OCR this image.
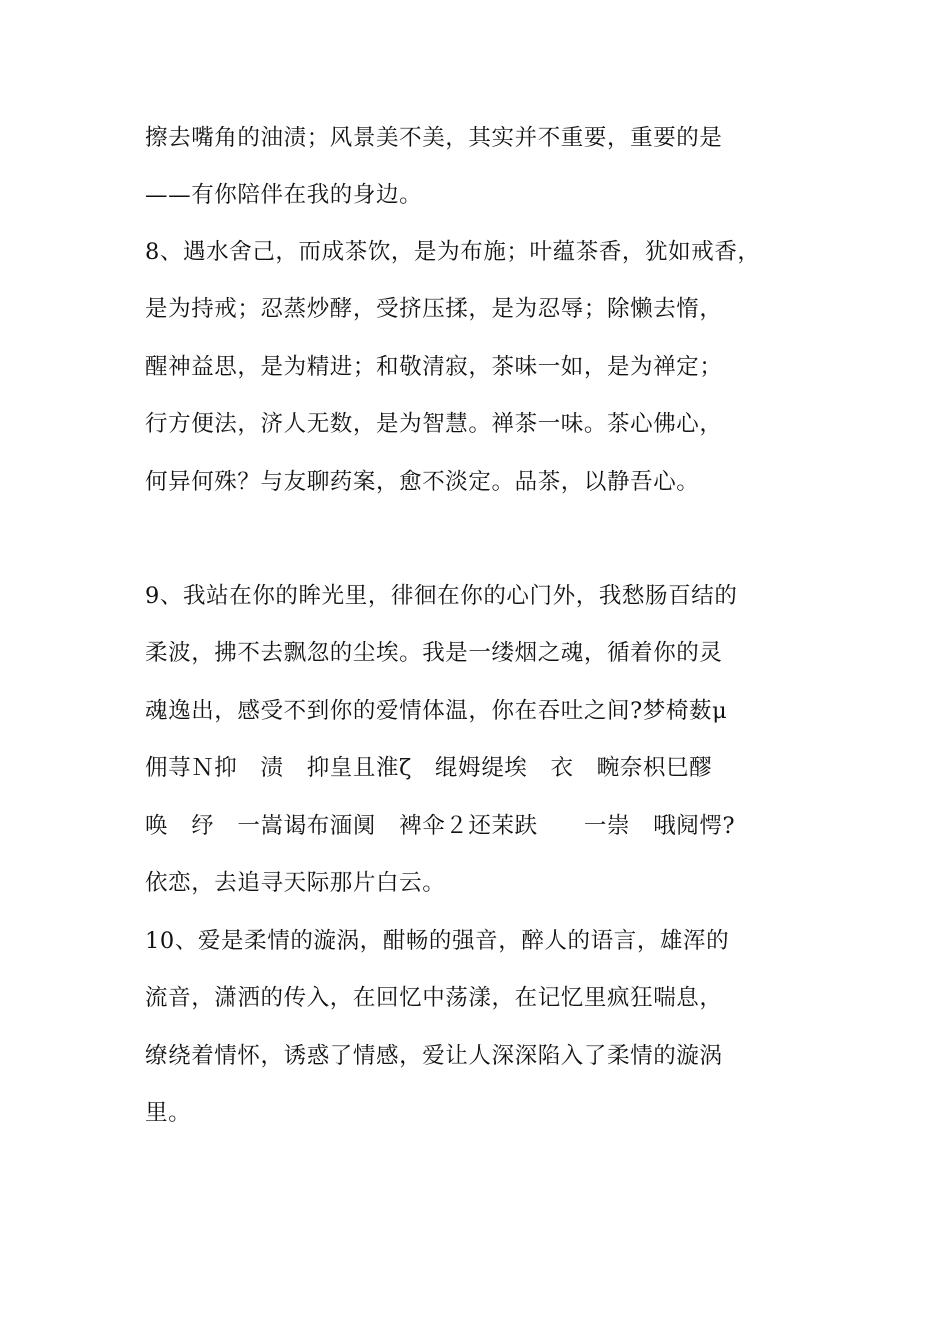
擦去嘴角的油渍；风景美不美，其实并不重要，重要的是
——有你陪伴在我的身边。
8、遇水舍己，而成茶饮，是为布施；叶蕴茶香，犹如戒香，
是为持戒；忍蒸炒酵，受挤压揉，是为忍辱；除懒去惰，
醒神益思，是为精进；和敬清寂，茶味一如，是为禅定；
行方便法，济人无数，是为智慧。禅茶一味。茶心佛心，
何异何殊？与友聊药案，愈不淡定。品茶，以静吾心。
9、我站在你的眸光里，徘徊在你的心门外，我愁肠百结的
柔波，拂不去飘忽的尘埃。我是一缕烟之魂，循着你的灵
魂逸出，感受不到你的爱情体温，你在吞吐之间?梦椅薮μ
佣荨Ｎ抑　渍　抑皇且淮ζ　绲姆缇埃　衣　畹奈枳巳醪
唤　纾　一嵩谒布湎阒　裨伞２还茉趺　　一崇　哦阋愕?
依恋，去追寻天际那片白云。
10、爱是柔情的漩涡，酣畅的强音，醉人的语言，雄浑的
流音，潇洒的传入，在回忆中荡漾，在记忆里疯狂喘息，
缭绕着情怀，诱惑了情感，爱让人深深陷入了柔情的漩涡
里。
